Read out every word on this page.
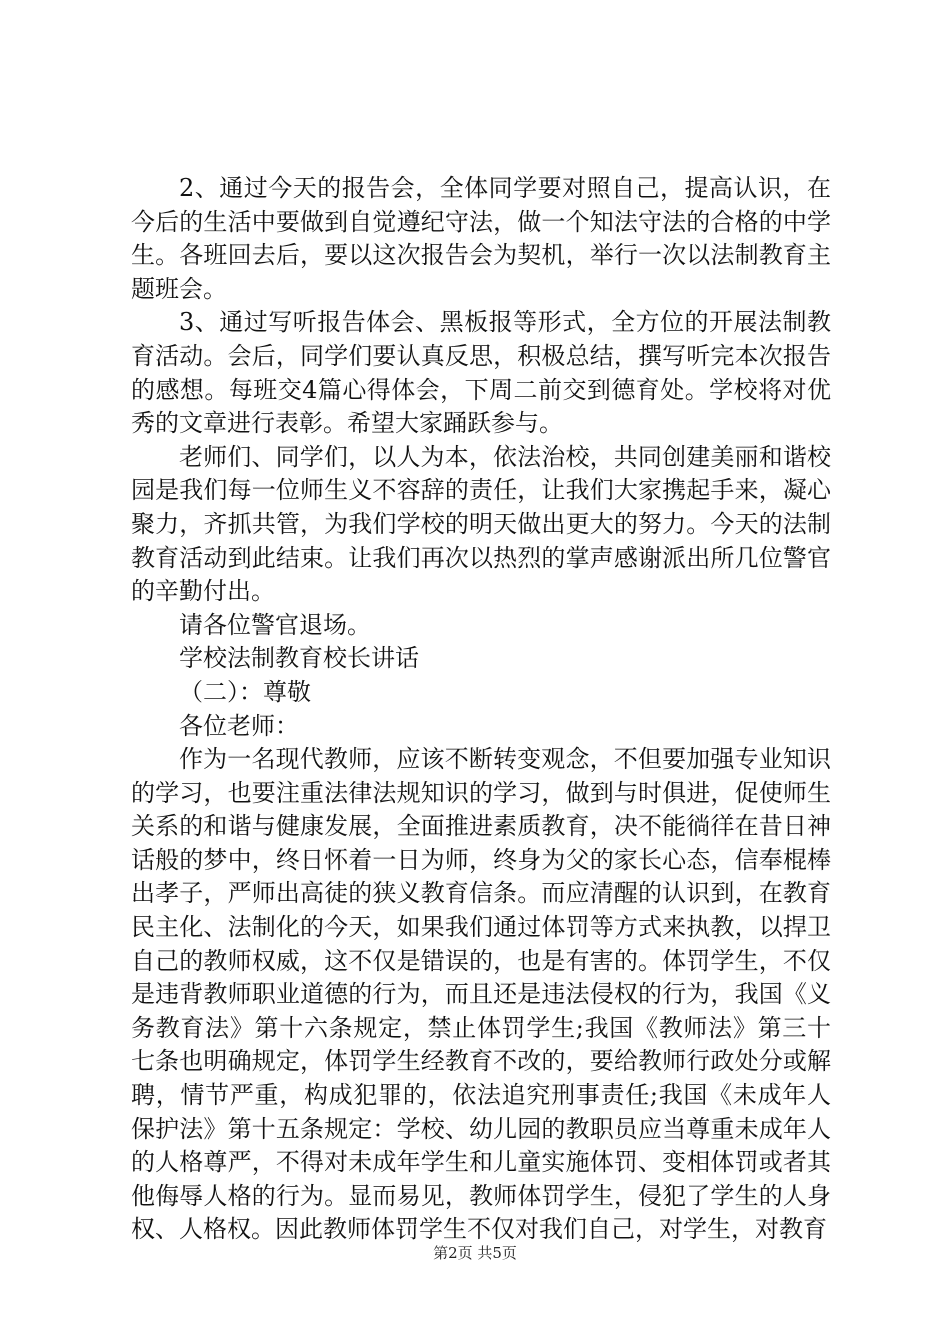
2、通过今天的报告会，全体同学要对照自己，提高认识，在今后的生活中要做到自觉遵纪守法，做一个知法守法的合格的中学生。各班回去后，要以这次报告会为契机，举行一次以法制教育主题班会。

3、通过写听报告体会、黑板报等形式，全方位的开展法制教育活动。会后，同学们要认真反思，积极总结，撰写听完本次报告的感想。每班交4篇心得体会，下周二前交到德育处。学校将对优秀的文章进行表彰。希望大家踊跃参与。

老师们、同学们，以人为本，依法治校，共同创建美丽和谐校园是我们每一位师生义不容辞的责任，让我们大家携起手来，凝心聚力，齐抓共管，为我们学校的明天做出更大的努力。今天的法制教育活动到此结束。让我们再次以热烈的掌声感谢派出所几位警官的辛勤付出。

请各位警官退场。

学校法制教育校长讲话

（二）：尊敬

各位老师：

作为一名现代教师，应该不断转变观念，不但要加强专业知识的学习，也要注重法律法规知识的学习，做到与时俱进，促使师生关系的和谐与健康发展，全面推进素质教育，决不能徜徉在昔日神话般的梦中，终日怀着一日为师，终身为父的家长心态，信奉棍棒出孝子，严师出高徒的狭义教育信条。而应清醒的认识到，在教育民主化、法制化的今天，如果我们通过体罚等方式来执教，以捍卫自己的教师权威，这不仅是错误的，也是有害的。体罚学生，不仅是违背教师职业道德的行为，而且还是违法侵权的行为，我国《义务教育法》第十六条规定，禁止体罚学生;我国《教师法》第三十七条也明确规定，体罚学生经教育不改的，要给教师行政处分或解聘，情节严重，构成犯罪的，依法追究刑事责任;我国《未成年人保护法》第十五条规定：学校、幼儿园的教职员应当尊重未成年人的人格尊严，不得对未成年学生和儿童实施体罚、变相体罚或者其他侮辱人格的行为。显而易见，教师体罚学生，侵犯了学生的人身权、人格权。因此教师体罚学生不仅对我们自己，对学生，对教育

第2页 共5页
